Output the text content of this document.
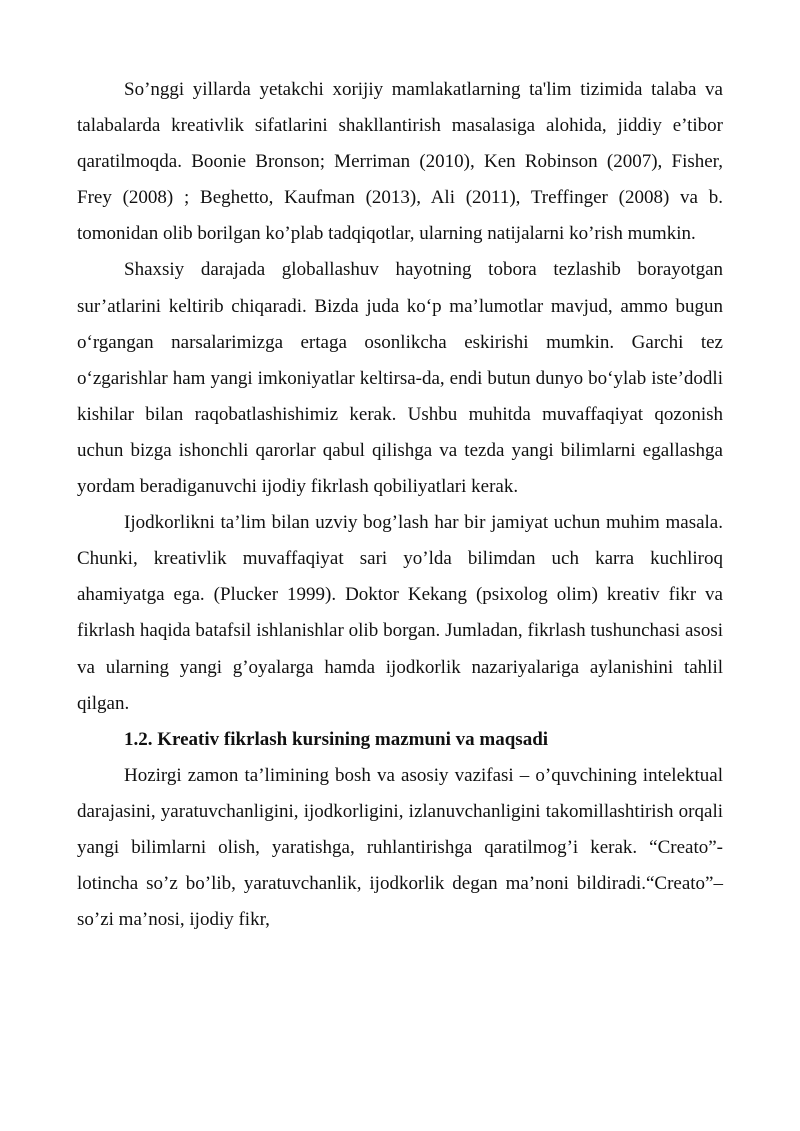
So’nggi yillarda yetakchi xorijiy mamlakatlarning ta'lim tizimida talaba va talabalarda kreativlik sifatlarini shakllantirish masalasiga alohida, jiddiy e’tibor qaratilmoqda. Boonie Bronson; Merriman (2010), Ken Robinson (2007), Fisher, Frey (2008) ; Beghetto, Kaufman (2013), Ali (2011), Treffinger (2008) va b. tomonidan olib borilgan ko’plab tadqiqotlar, ularning natijalarni ko’rish mumkin.

Shaxsiy darajada globallashuv hayotning tobora tezlashib borayotgan sur’atlarini keltirib chiqaradi. Bizda juda koʻp ma’lumotlar mavjud, ammo bugun oʻrgangan narsalarimizga ertaga osonlikcha eskirishi mumkin. Garchi tez oʻzgarishlar ham yangi imkoniyatlar keltirsa-da, endi butun dunyo boʻylab iste’dodli kishilar bilan raqobatlashishimiz kerak. Ushbu muhitda muvaffaqiyat qozonish uchun bizga ishonchli qarorlar qabul qilishga va tezda yangi bilimlarni egallashga yordam beradiganuvchi ijodiy fikrlash qobiliyatlari kerak.

Ijodkorlikni ta’lim bilan uzviy bog’lash har bir jamiyat uchun muhim masala. Chunki, kreativlik muvaffaqiyat sari yo’lda bilimdan uch karra kuchliroq ahamiyatga ega. (Plucker 1999). Doktor Kekang (psixolog olim) kreativ fikr va fikrlash haqida batafsil ishlanishlar olib borgan. Jumladan, fikrlash tushunchasi asosi va ularning yangi g’oyalarga hamda ijodkorlik nazariyalariga aylanishini tahlil qilgan.

1.2. Kreativ fikrlash kursining mazmuni va maqsadi

Hozirgi zamon ta’limining bosh va asosiy vazifasi – o’quvchining intelektual darajasini, yaratuvchanligini, ijodkorligini, izlanuvchanligini takomillashtirish orqali yangi bilimlarni olish, yaratishga, ruhlantirishga qaratilmog’i kerak. “Creato”- lotincha so’z bo’lib, yaratuvchanlik, ijodkorlik degan ma’noni bildiradi.“Creato”–so’zi ma’nosi, ijodiy fikr,
